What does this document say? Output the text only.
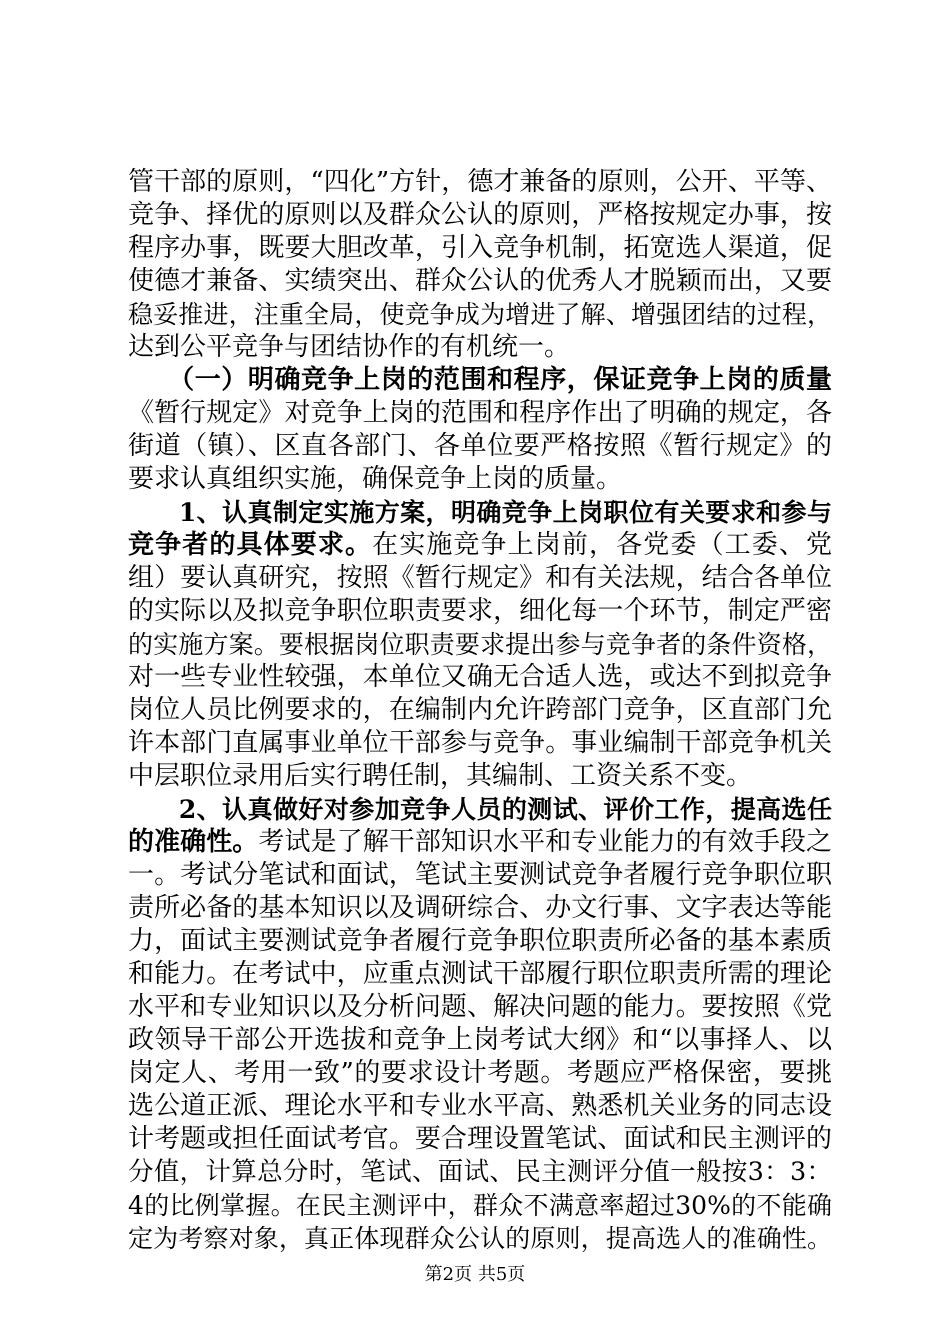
管干部的原则，“四化”方针，德才兼备的原则，公开、平等、
竞争、择优的原则以及群众公认的原则，严格按规定办事，按
程序办事，既要大胆改革，引入竞争机制，拓宽选人渠道，促
使德才兼备、实绩突出、群众公认的优秀人才脱颖而出，又要
稳妥推进，注重全局，使竞争成为增进了解、增强团结的过程，
达到公平竞争与团结协作的有机统一。
　　（一）明确竞争上岗的范围和程序，保证竞争上岗的质量
《暂行规定》对竞争上岗的范围和程序作出了明确的规定，各
街道（镇）、区直各部门、各单位要严格按照《暂行规定》的
要求认真组织实施，确保竞争上岗的质量。
　　1、认真制定实施方案，明确竞争上岗职位有关要求和参与
竞争者的具体要求。在实施竞争上岗前，各党委（工委、党
组）要认真研究，按照《暂行规定》和有关法规，结合各单位
的实际以及拟竞争职位职责要求，细化每一个环节，制定严密
的实施方案。要根据岗位职责要求提出参与竞争者的条件资格，
对一些专业性较强，本单位又确无合适人选，或达不到拟竞争
岗位人员比例要求的，在编制内允许跨部门竞争，区直部门允
许本部门直属事业单位干部参与竞争。事业编制干部竞争机关
中层职位录用后实行聘任制，其编制、工资关系不变。
　　2、认真做好对参加竞争人员的测试、评价工作，提高选任
的准确性。考试是了解干部知识水平和专业能力的有效手段之
一。考试分笔试和面试，笔试主要测试竞争者履行竞争职位职
责所必备的基本知识以及调研综合、办文行事、文字表达等能
力，面试主要测试竞争者履行竞争职位职责所必备的基本素质
和能力。在考试中，应重点测试干部履行职位职责所需的理论
水平和专业知识以及分析问题、解决问题的能力。要按照《党
政领导干部公开选拔和竞争上岗考试大纲》和“以事择人、以
岗定人、考用一致”的要求设计考题。考题应严格保密，要挑
选公道正派、理论水平和专业水平高、熟悉机关业务的同志设
计考题或担任面试考官。要合理设置笔试、面试和民主测评的
分值，计算总分时，笔试、面试、民主测评分值一般按3：3：
4的比例掌握。在民主测评中，群众不满意率超过30%的不能确
定为考察对象，真正体现群众公认的原则，提高选人的准确性。
第2页 共5页
